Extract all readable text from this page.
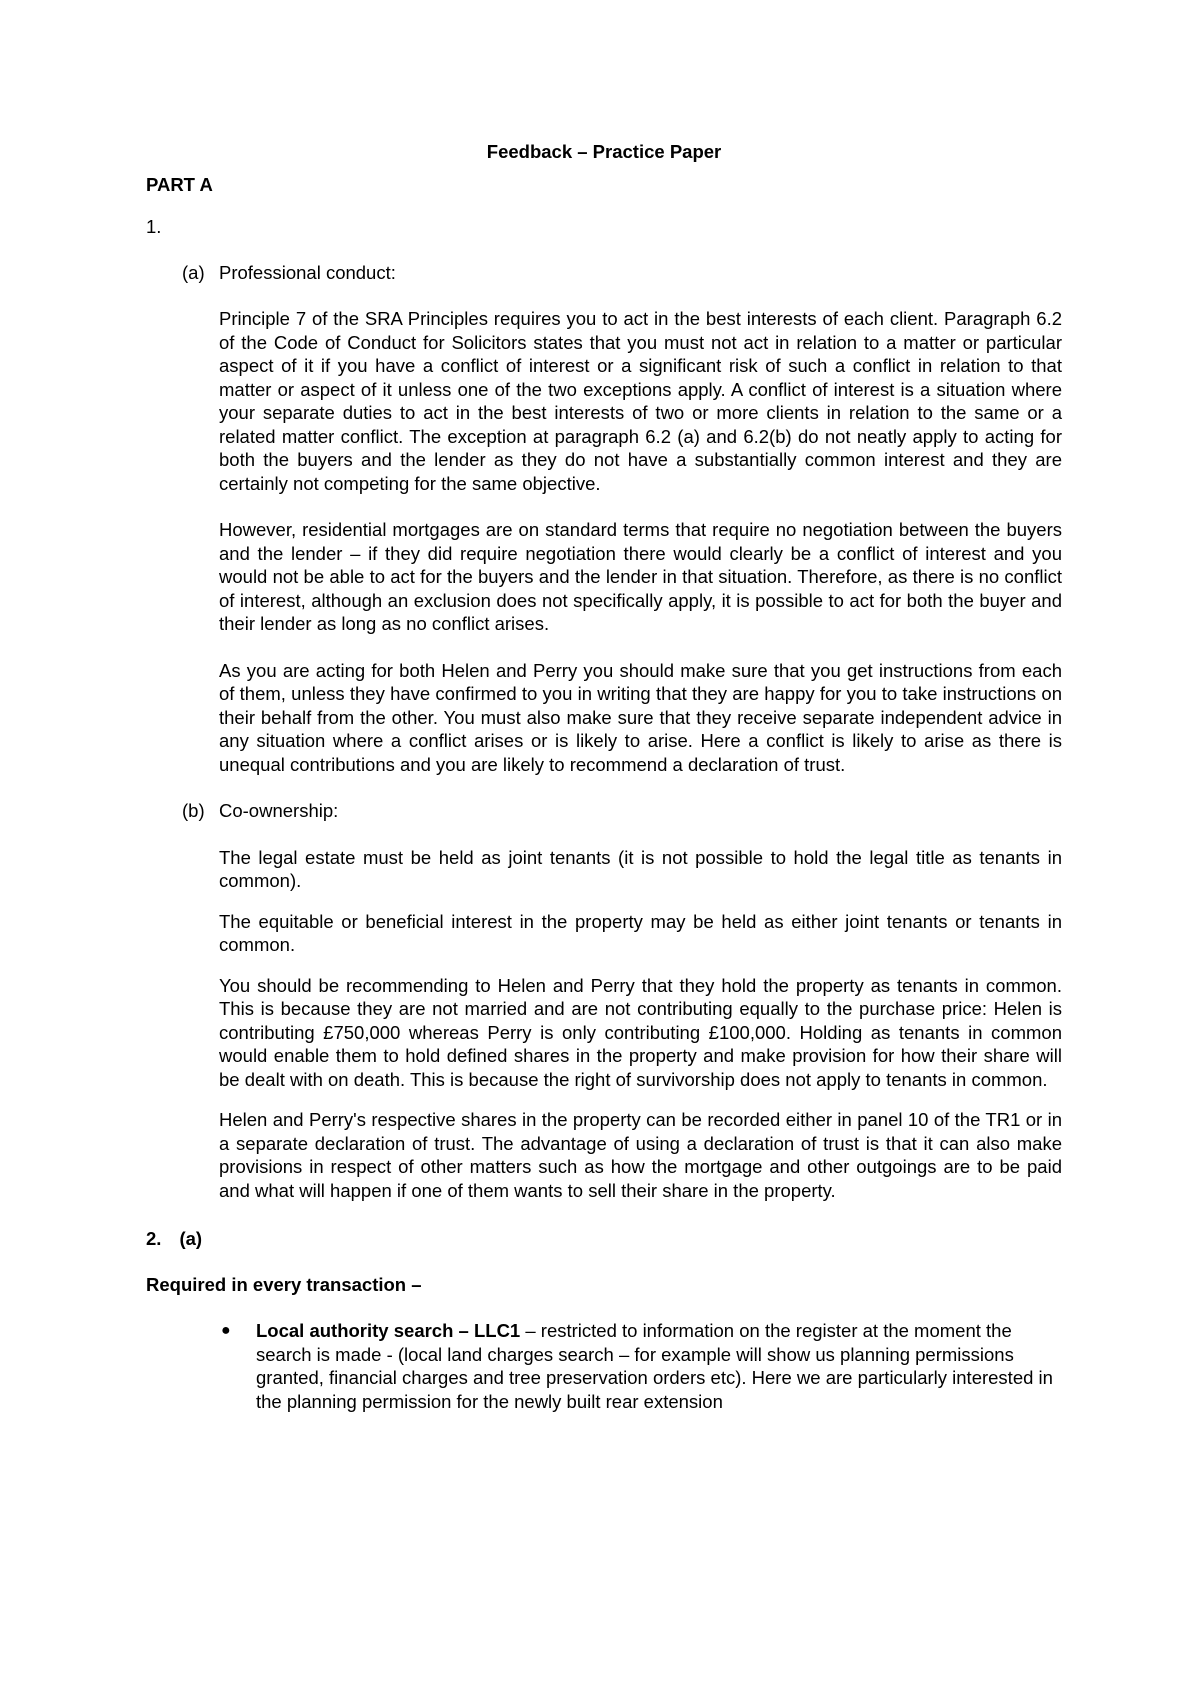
Feedback – Practice Paper

PART A

1.

(a) Professional conduct:

Principle 7 of the SRA Principles requires you to act in the best interests of each client. Paragraph 6.2 of the Code of Conduct for Solicitors states that you must not act in relation to a matter or particular aspect of it if you have a conflict of interest or a significant risk of such a conflict in relation to that matter or aspect of it unless one of the two exceptions apply. A conflict of interest is a situation where your separate duties to act in the best interests of two or more clients in relation to the same or a related matter conflict. The exception at paragraph 6.2 (a) and 6.2(b) do not neatly apply to acting for both the buyers and the lender as they do not have a substantially common interest and they are certainly not competing for the same objective.

However, residential mortgages are on standard terms that require no negotiation between the buyers and the lender – if they did require negotiation there would clearly be a conflict of interest and you would not be able to act for the buyers and the lender in that situation. Therefore, as there is no conflict of interest, although an exclusion does not specifically apply, it is possible to act for both the buyer and their lender as long as no conflict arises.

As you are acting for both Helen and Perry you should make sure that you get instructions from each of them, unless they have confirmed to you in writing that they are happy for you to take instructions on their behalf from the other. You must also make sure that they receive separate independent advice in any situation where a conflict arises or is likely to arise. Here a conflict is likely to arise as there is unequal contributions and you are likely to recommend a declaration of trust.

(b) Co-ownership:

The legal estate must be held as joint tenants (it is not possible to hold the legal title as tenants in common).

The equitable or beneficial interest in the property may be held as either joint tenants or tenants in common.

You should be recommending to Helen and Perry that they hold the property as tenants in common. This is because they are not married and are not contributing equally to the purchase price: Helen is contributing £750,000 whereas Perry is only contributing £100,000. Holding as tenants in common would enable them to hold defined shares in the property and make provision for how their share will be dealt with on death. This is because the right of survivorship does not apply to tenants in common.

Helen and Perry's respective shares in the property can be recorded either in panel 10 of the TR1 or in a separate declaration of trust. The advantage of using a declaration of trust is that it can also make provisions in respect of other matters such as how the mortgage and other outgoings are to be paid and what will happen if one of them wants to sell their share in the property.

2. (a)

Required in every transaction –

● Local authority search – LLC1 – restricted to information on the register at the moment the search is made - (local land charges search – for example will show us planning permissions granted, financial charges and tree preservation orders etc). Here we are particularly interested in the planning permission for the newly built rear extension
